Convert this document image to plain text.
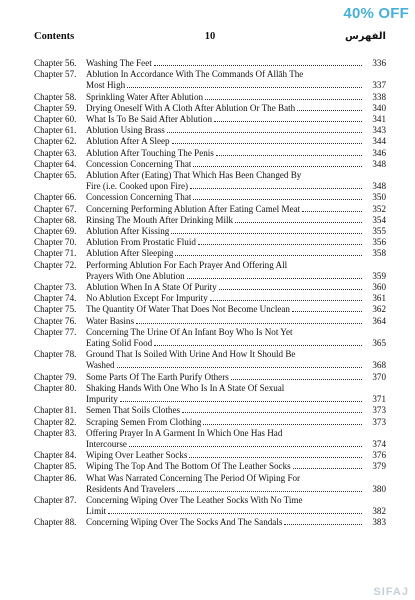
40% OFF
Contents	10	الفهرس
Chapter 56.	Washing The Feet	336
Chapter 57.	Ablution In Accordance With The Commands Of Allāh The
Most High	337
Chapter 58.	Sprinkling Water After Ablution	338
Chapter 59.	Drying Oneself With A Cloth After Ablution Or The Bath	340
Chapter 60.	What Is To Be Said After Ablution	341
Chapter 61.	Ablution Using Brass	343
Chapter 62.	Ablution After A Sleep	344
Chapter 63.	Ablution After Touching The Penis	346
Chapter 64.	Concession Concerning That	348
Chapter 65.	Ablution After (Eating) That Which Has Been Changed By
Fire (i.e. Cooked upon Fire)	348
Chapter 66.	Concession Concerning That	350
Chapter 67.	Concerning Performing Ablution After Eating Camel Meat	352
Chapter 68.	Rinsing The Mouth After Drinking Milk	354
Chapter 69.	Ablution After Kissing	355
Chapter 70.	Ablution From Prostatic Fluid	356
Chapter 71.	Ablution After Sleeping	358
Chapter 72.	Performing Ablution For Each Prayer And Offering All
Prayers With One Ablution	359
Chapter 73.	Ablution When In A State Of Purity	360
Chapter 74.	No Ablution Except For Impurity	361
Chapter 75.	The Quantity Of Water That Does Not Become Unclean	362
Chapter 76.	Water Basins	364
Chapter 77.	Concerning The Urine Of An Infant Boy Who Is Not Yet
Eating Solid Food	365
Chapter 78.	Ground That Is Soiled With Urine And How It Should Be
Washed	368
Chapter 79.	Some Parts Of The Earth Purify Others	370
Chapter 80.	Shaking Hands With One Who Is In A State Of Sexual
Impurity	371
Chapter 81.	Semen That Soils Clothes	373
Chapter 82.	Scraping Semen From Clothing	373
Chapter 83.	Offering Prayer In A Garment In Which One Has Had
Intercourse	374
Chapter 84.	Wiping Over Leather Socks	376
Chapter 85.	Wiping The Top And The Bottom Of The Leather Socks	379
Chapter 86.	What Was Narrated Concerning The Period Of Wiping For
Residents And Travelers	380
Chapter 87.	Concerning Wiping Over The Leather Socks With No Time
Limit	382
Chapter 88.	Concerning Wiping Over The Socks And The Sandals	383
SIFAJ
